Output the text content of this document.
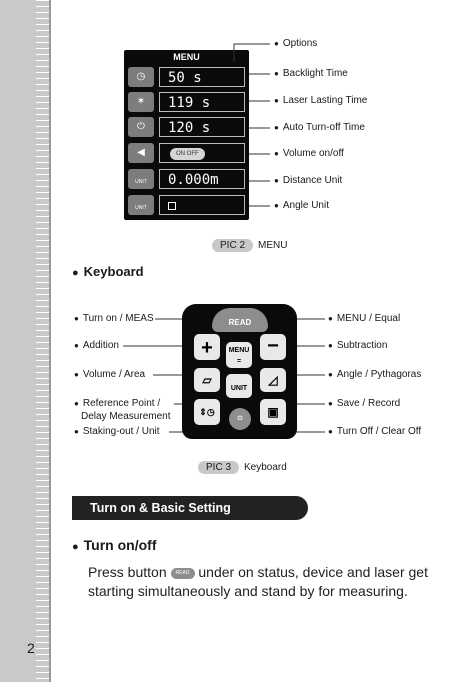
2
MENU
◷	50 s
✶	119 s
⏻	120 s
◀	ON OFF
UNIT	0.000m
UNIT
● Options
● Backlight Time
● Laser Lasting Time
● Auto Turn-off Time
● Volume on/off
● Distance Unit
● Angle Unit
PIC 2 MENU
● Keyboard
READ
+	MENU
=
−
▱
UNIT
◿
⇕◷
⏻	▣
● Turn on / MEAS
● Addition
● Volume / Area
● Reference Point /
Delay Measurement
● Staking-out / Unit
● MENU / Equal
● Subtraction
● Angle / Pythagoras
● Save / Record
● Turn Off / Clear Off
PIC 3 Keyboard
Turn on & Basic Setting
● Turn on/off
Press button READ under on status, device and laser get starting simultaneously and stand by for measuring.
